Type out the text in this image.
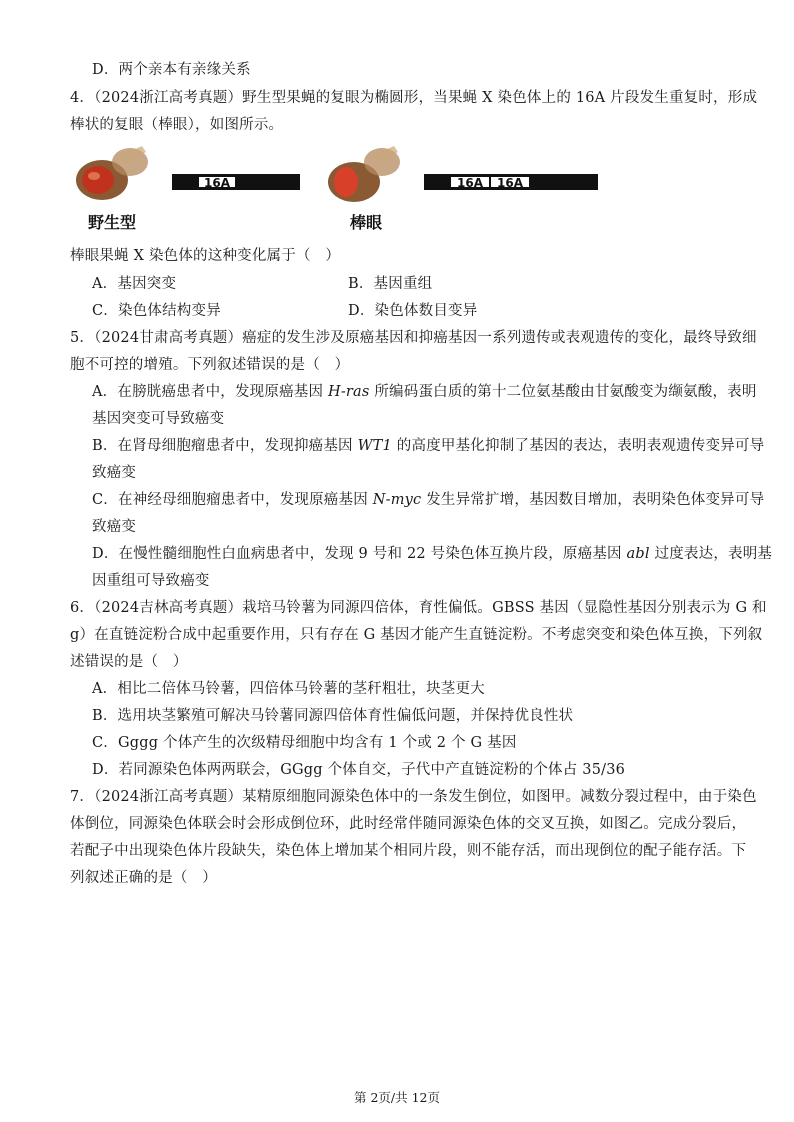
D．两个亲本有亲缘关系
4．（2024浙江高考真题）野生型果蝇的复眼为椭圆形，当果蝇 X 染色体上的 16A 片段发生重复时，形成
棒状的复眼（棒眼），如图所示。
16A
野生型
16A	16A
棒眼
棒眼果蝇 X 染色体的这种变化属于（　）
A．基因突变	B．基因重组
C．染色体结构变异	D．染色体数目变异
5．（2024甘肃高考真题）癌症的发生涉及原癌基因和抑癌基因一系列遗传或表观遗传的变化，最终导致细
胞不可控的增殖。下列叙述错误的是（　）
A．在膀胱癌患者中，发现原癌基因 H-ras 所编码蛋白质的第十二位氨基酸由甘氨酸变为缬氨酸，表明
基因突变可导致癌变
B．在肾母细胞瘤患者中，发现抑癌基因 WT1 的高度甲基化抑制了基因的表达，表明表观遗传变异可导
致癌变
C．在神经母细胞瘤患者中，发现原癌基因 N-myc 发生异常扩增，基因数目增加，表明染色体变异可导
致癌变
D．在慢性髓细胞性白血病患者中，发现 9 号和 22 号染色体互换片段，原癌基因 abl 过度表达，表明基
因重组可导致癌变
6．（2024吉林高考真题）栽培马铃薯为同源四倍体，育性偏低。GBSS 基因（显隐性基因分别表示为 G 和
g）在直链淀粉合成中起重要作用，只有存在 G 基因才能产生直链淀粉。不考虑突变和染色体互换，下列叙
述错误的是（　）
A．相比二倍体马铃薯，四倍体马铃薯的茎秆粗壮，块茎更大
B．选用块茎繁殖可解决马铃薯同源四倍体育性偏低问题，并保持优良性状
C．Gggg 个体产生的次级精母细胞中均含有 1 个或 2 个 G 基因
D．若同源染色体两两联会，GGgg 个体自交，子代中产直链淀粉的个体占 35/36
7．（2024浙江高考真题）某精原细胞同源染色体中的一条发生倒位，如图甲。减数分裂过程中，由于染色
体倒位，同源染色体联会时会形成倒位环，此时经常伴随同源染色体的交叉互换，如图乙。完成分裂后，
若配子中出现染色体片段缺失，染色体上增加某个相同片段，则不能存活，而出现倒位的配子能存活。下
列叙述正确的是（　）
第 2页/共 12页
